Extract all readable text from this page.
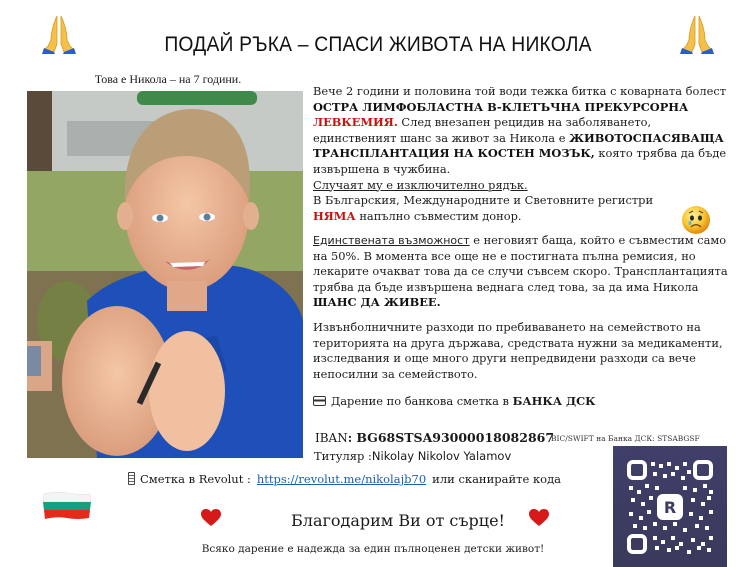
ПОДАЙ РЪКА – СПАСИ ЖИВОТА НА НИКОЛА
Това е Никола – на 7 години.
Вече 2 години и половина той води тежка битка с коварната болест ОСТРА ЛИМФОБЛАСТНА B-КЛЕТЪЧНА ПРЕКУРСОРНА ЛЕВКЕМИЯ. След внезапен рецидив на заболяването, единственият шанс за живот за Никола е ЖИВОТОСПАСЯВАЩА ТРАНСПЛАНТАЦИЯ НА КОСТЕН МОЗЪК, която трябва да бъде извършена в чужбина.
Случаят му е изключително рядък.
В Българския, Международните и Световните регистри
НЯМА напълно съвместим донор.
Единствената възможност е неговият баща, който е съвместим само на 50%. В момента все още не е постигната пълна ремисия, но лекарите очакват това да се случи съвсем скоро. Трансплантацията трябва да бъде извършена веднага след това, за да има Никола ШАНС ДА ЖИВЕЕ.
Извънболничните разходи по пребиваването на семейството на територията на друга държава, средствата нужни за медикаменти, изследвания и още много други непредвидени разходи са вече непосилни за семейството.
Дарение по банкова сметка в БАНКА ДСК
IBAN: BG68STSA93000018082867
BIC/SWIFT на Банка ДСК: STSABGSF
Титуляр :Nikolay Nikolov Yalamov
Сметка в Revolut : https://revolut.me/nikolajb70 или сканирайте кода
Благодарим Ви от сърце!
Всяко дарение е надежда за един пълноценен детски живот!
R
